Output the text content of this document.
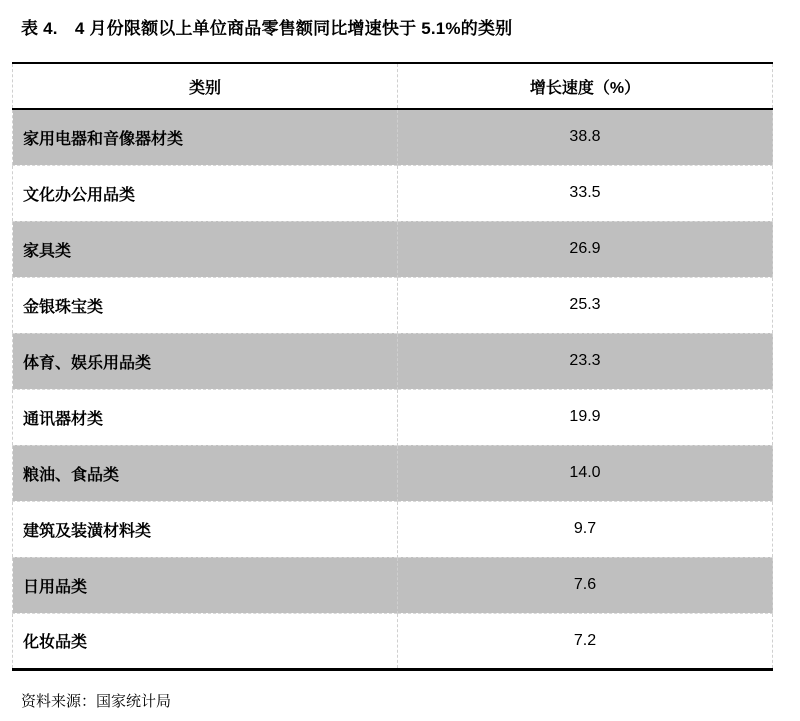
表 4.　4 月份限额以上单位商品零售额同比增速快于 5.1%的类别
类别	增长速度（%）
家用电器和音像器材类	38.8
文化办公用品类	33.5
家具类	26.9
金银珠宝类	25.3
体育、娱乐用品类	23.3
通讯器材类	19.9
粮油、食品类	14.0
建筑及装潢材料类	9.7
日用品类	7.6
化妆品类	7.2
资料来源：国家统计局
